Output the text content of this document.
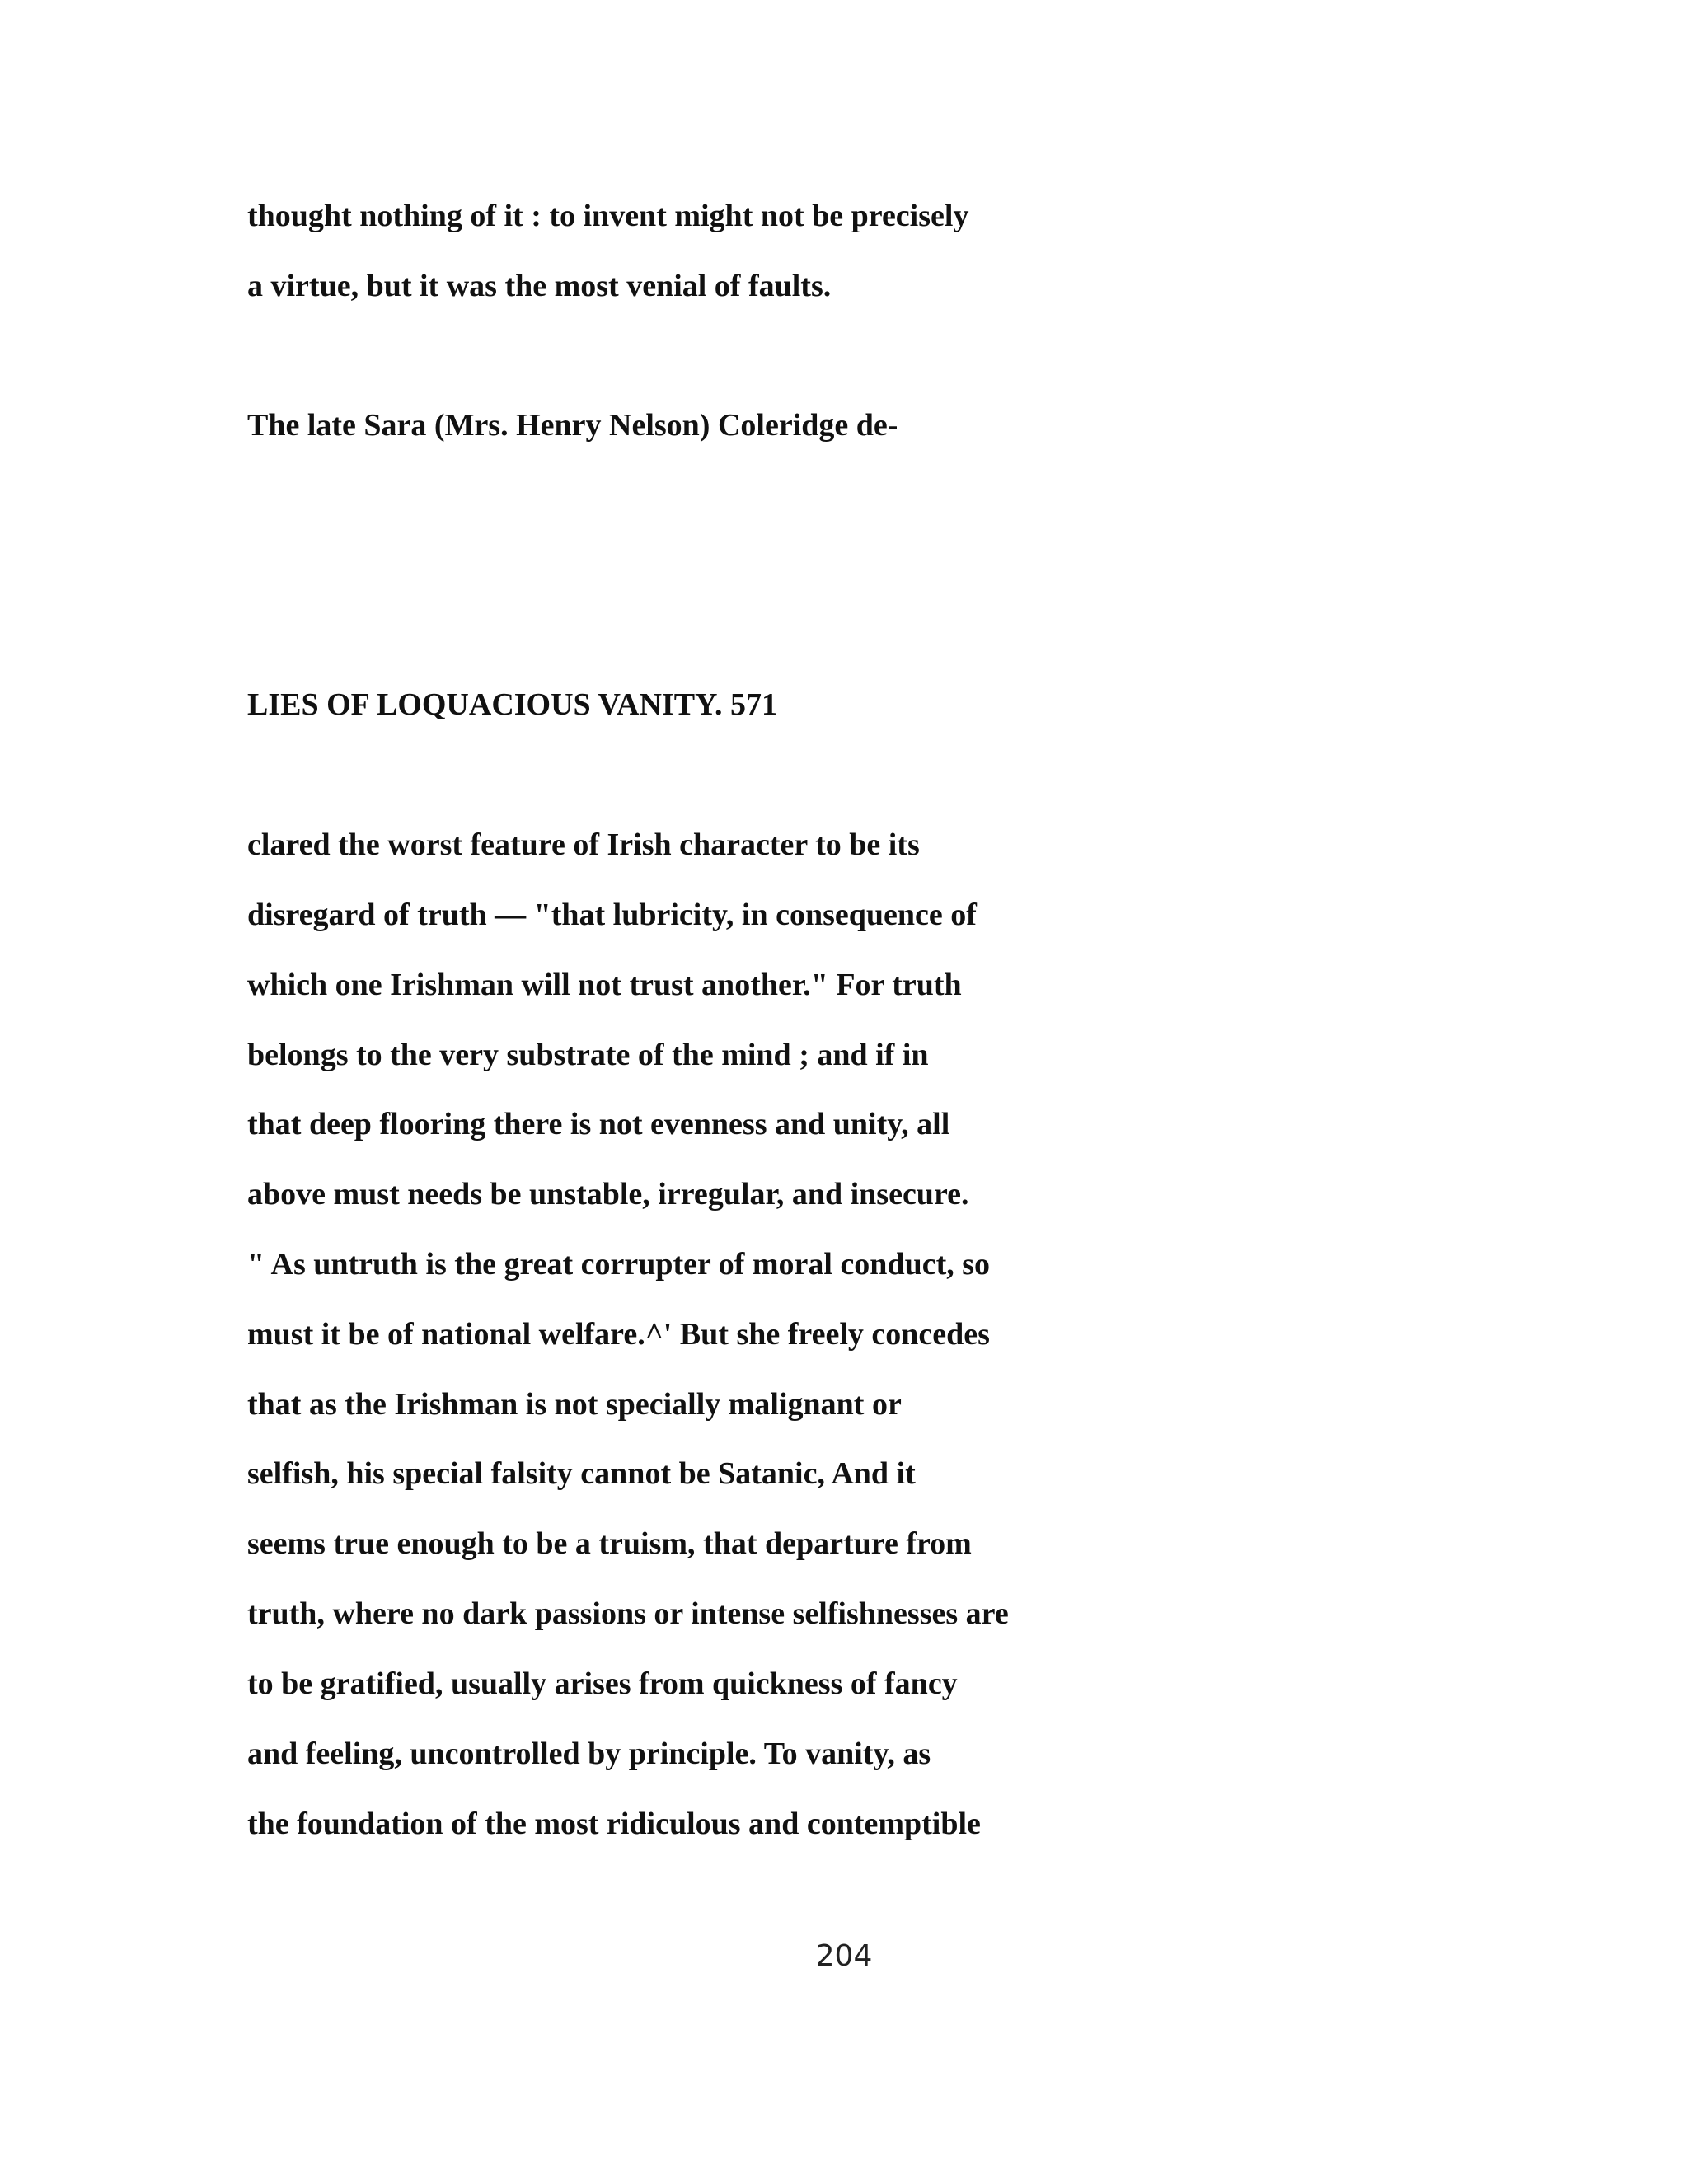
thought nothing of it : to invent might not be precisely

a virtue, but it was the most venial of faults.

The late Sara (Mrs. Henry Nelson) Coleridge de-

LIES OF LOQUACIOUS VANITY. 571

clared the worst feature of Irish character to be its

disregard of truth — "that lubricity, in consequence of

which one Irishman will not trust another." For truth

belongs to the very substrate of the mind ; and if in

that deep flooring there is not evenness and unity, all

above must needs be unstable, irregular, and insecure.

" As untruth is the great corrupter of moral conduct, so

must it be of national welfare.^' But she freely concedes

that as the Irishman is not specially malignant or

selfish, his special falsity cannot be Satanic, And it

seems true enough to be a truism, that departure from

truth, where no dark passions or intense selfishnesses are

to be gratified, usually arises from quickness of fancy

and feeling, uncontrolled by principle. To vanity, as

the foundation of the most ridiculous and contemptible

204
